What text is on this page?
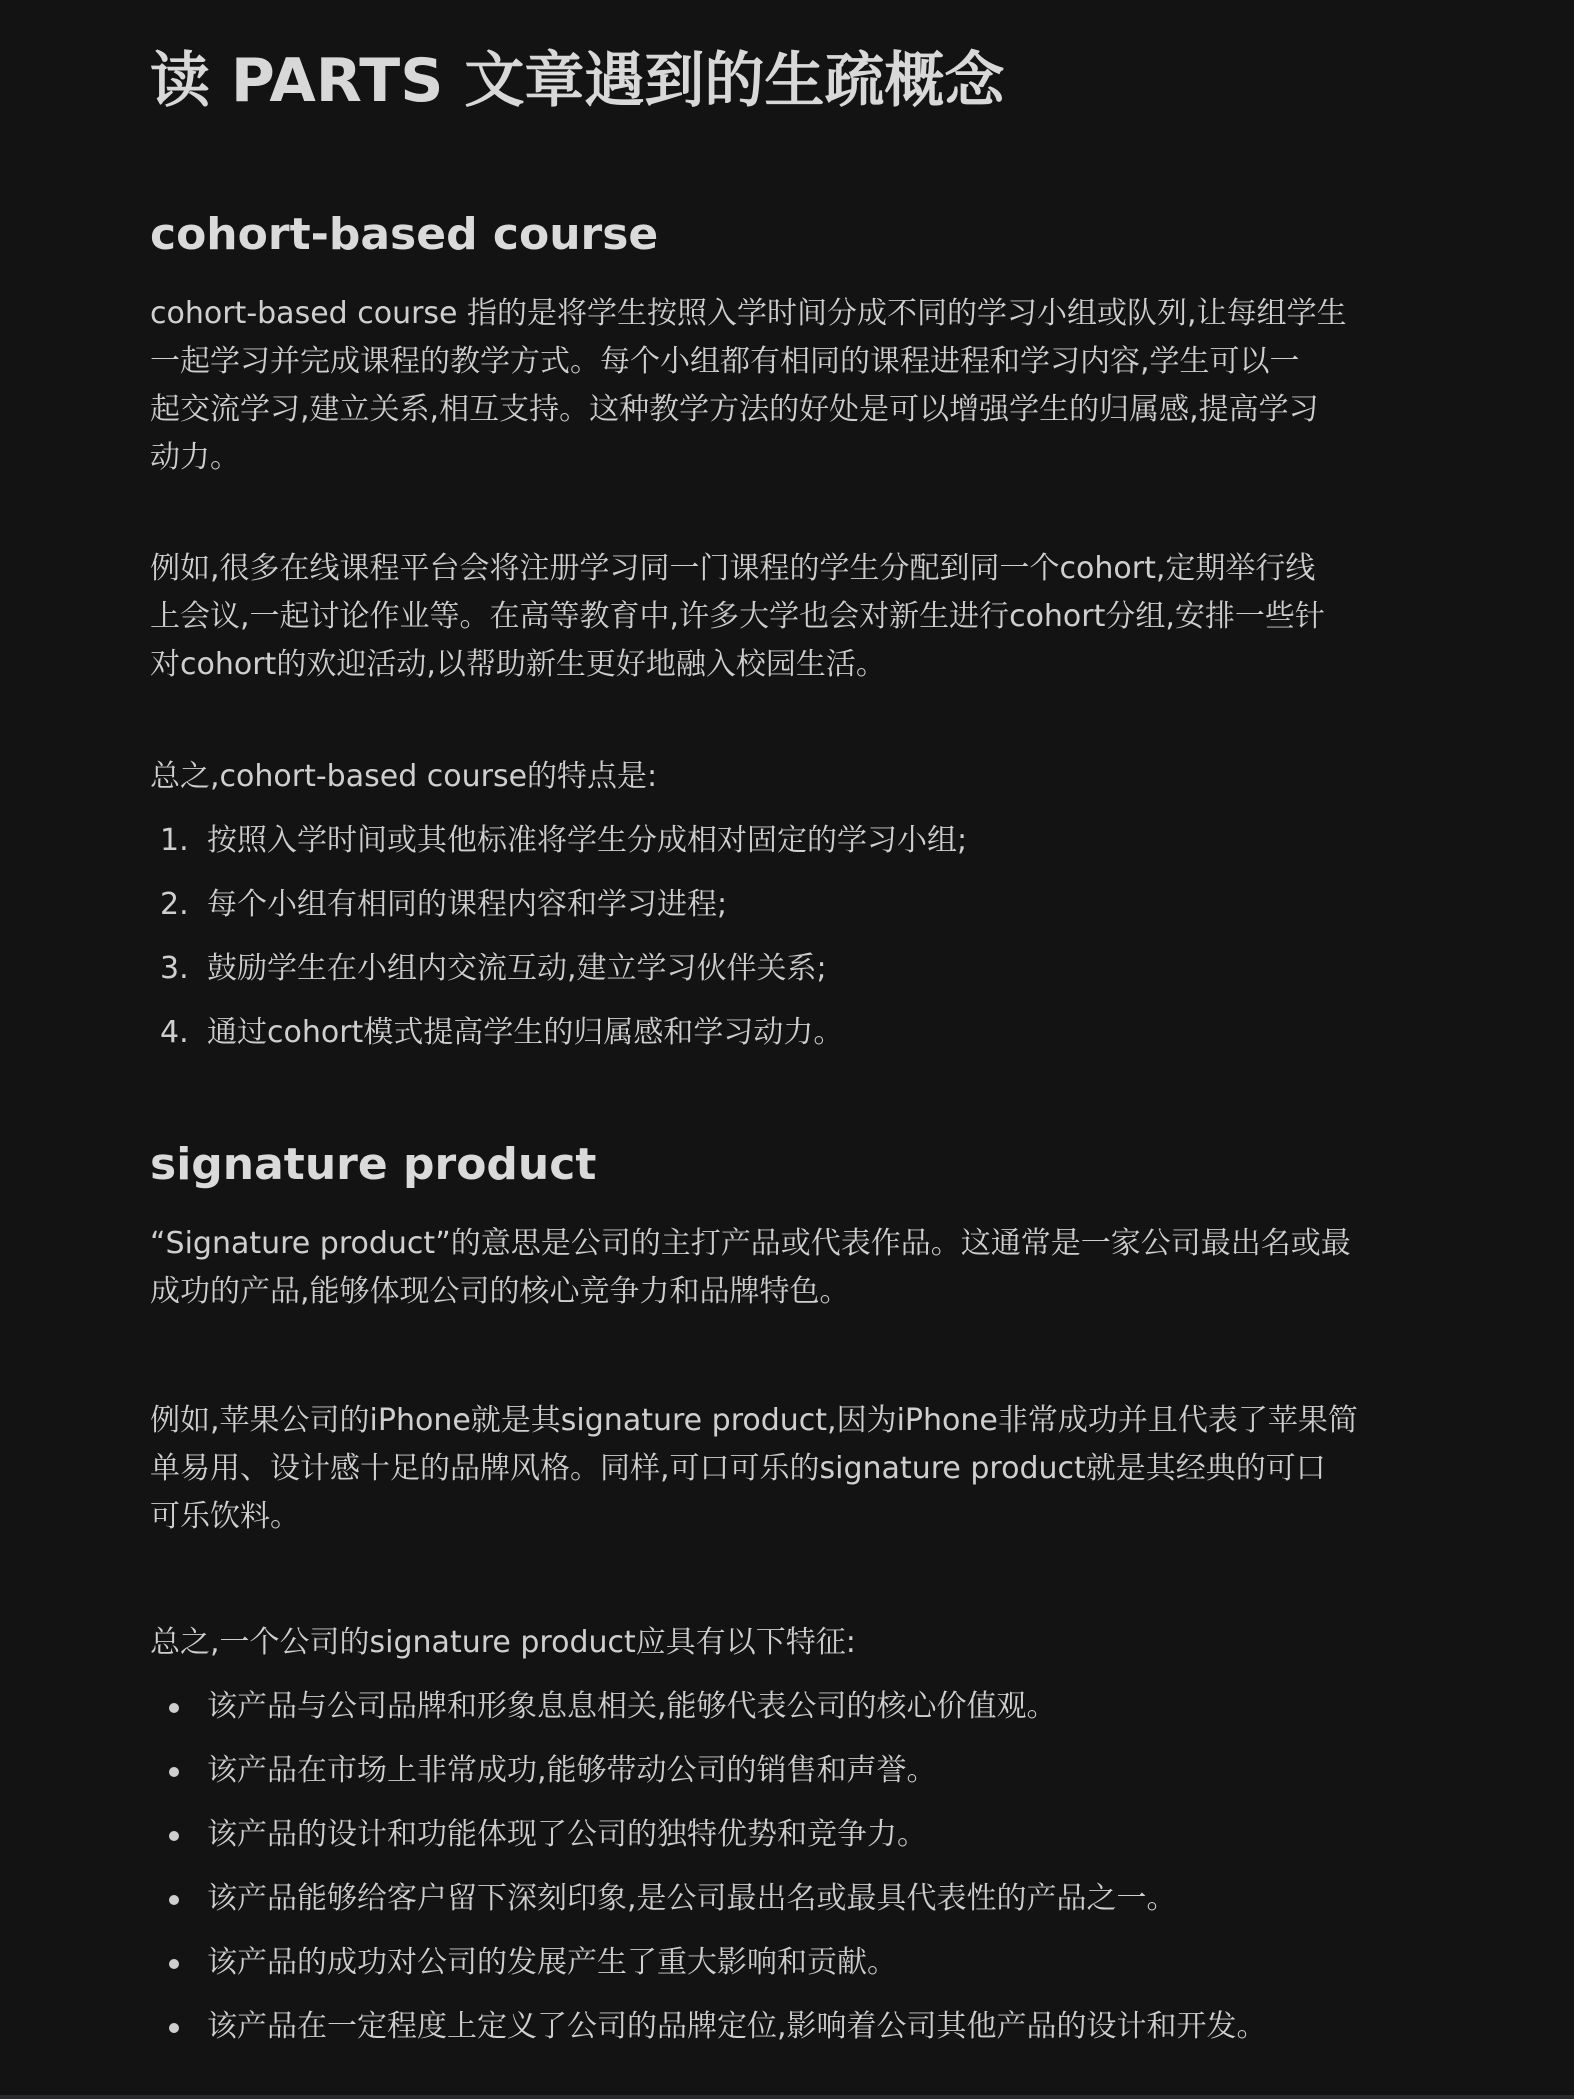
读 PARTS 文章遇到的生疏概念
cohort-based course

cohort-based course 指的是将学生按照入学时间分成不同的学习小组或队列,让每组学生
一起学习并完成课程的教学方式。每个小组都有相同的课程进程和学习内容,学生可以一
起交流学习,建立关系,相互支持。这种教学方法的好处是可以增强学生的归属感,提高学习
动力。

例如,很多在线课程平台会将注册学习同一门课程的学生分配到同一个cohort,定期举行线
上会议,一起讨论作业等。在高等教育中,许多大学也会对新生进行cohort分组,安排一些针
对cohort的欢迎活动,以帮助新生更好地融入校园生活。

总之,cohort-based course的特点是:

1. 按照入学时间或其他标准将学生分成相对固定的学习小组;
2. 每个小组有相同的课程内容和学习进程;
3. 鼓励学生在小组内交流互动,建立学习伙伴关系;
4. 通过cohort模式提高学生的归属感和学习动力。
signature product

“Signature product”的意思是公司的主打产品或代表作品。这通常是一家公司最出名或最
成功的产品,能够体现公司的核心竞争力和品牌特色。

例如,苹果公司的iPhone就是其signature product,因为iPhone非常成功并且代表了苹果简
单易用、设计感十足的品牌风格。同样,可口可乐的signature product就是其经典的可口
可乐饮料。

总之,一个公司的signature product应具有以下特征:

该产品与公司品牌和形象息息相关,能够代表公司的核心价值观。
该产品在市场上非常成功,能够带动公司的销售和声誉。
该产品的设计和功能体现了公司的独特优势和竞争力。
该产品能够给客户留下深刻印象,是公司最出名或最具代表性的产品之一。
该产品的成功对公司的发展产生了重大影响和贡献。
该产品在一定程度上定义了公司的品牌定位,影响着公司其他产品的设计和开发。
